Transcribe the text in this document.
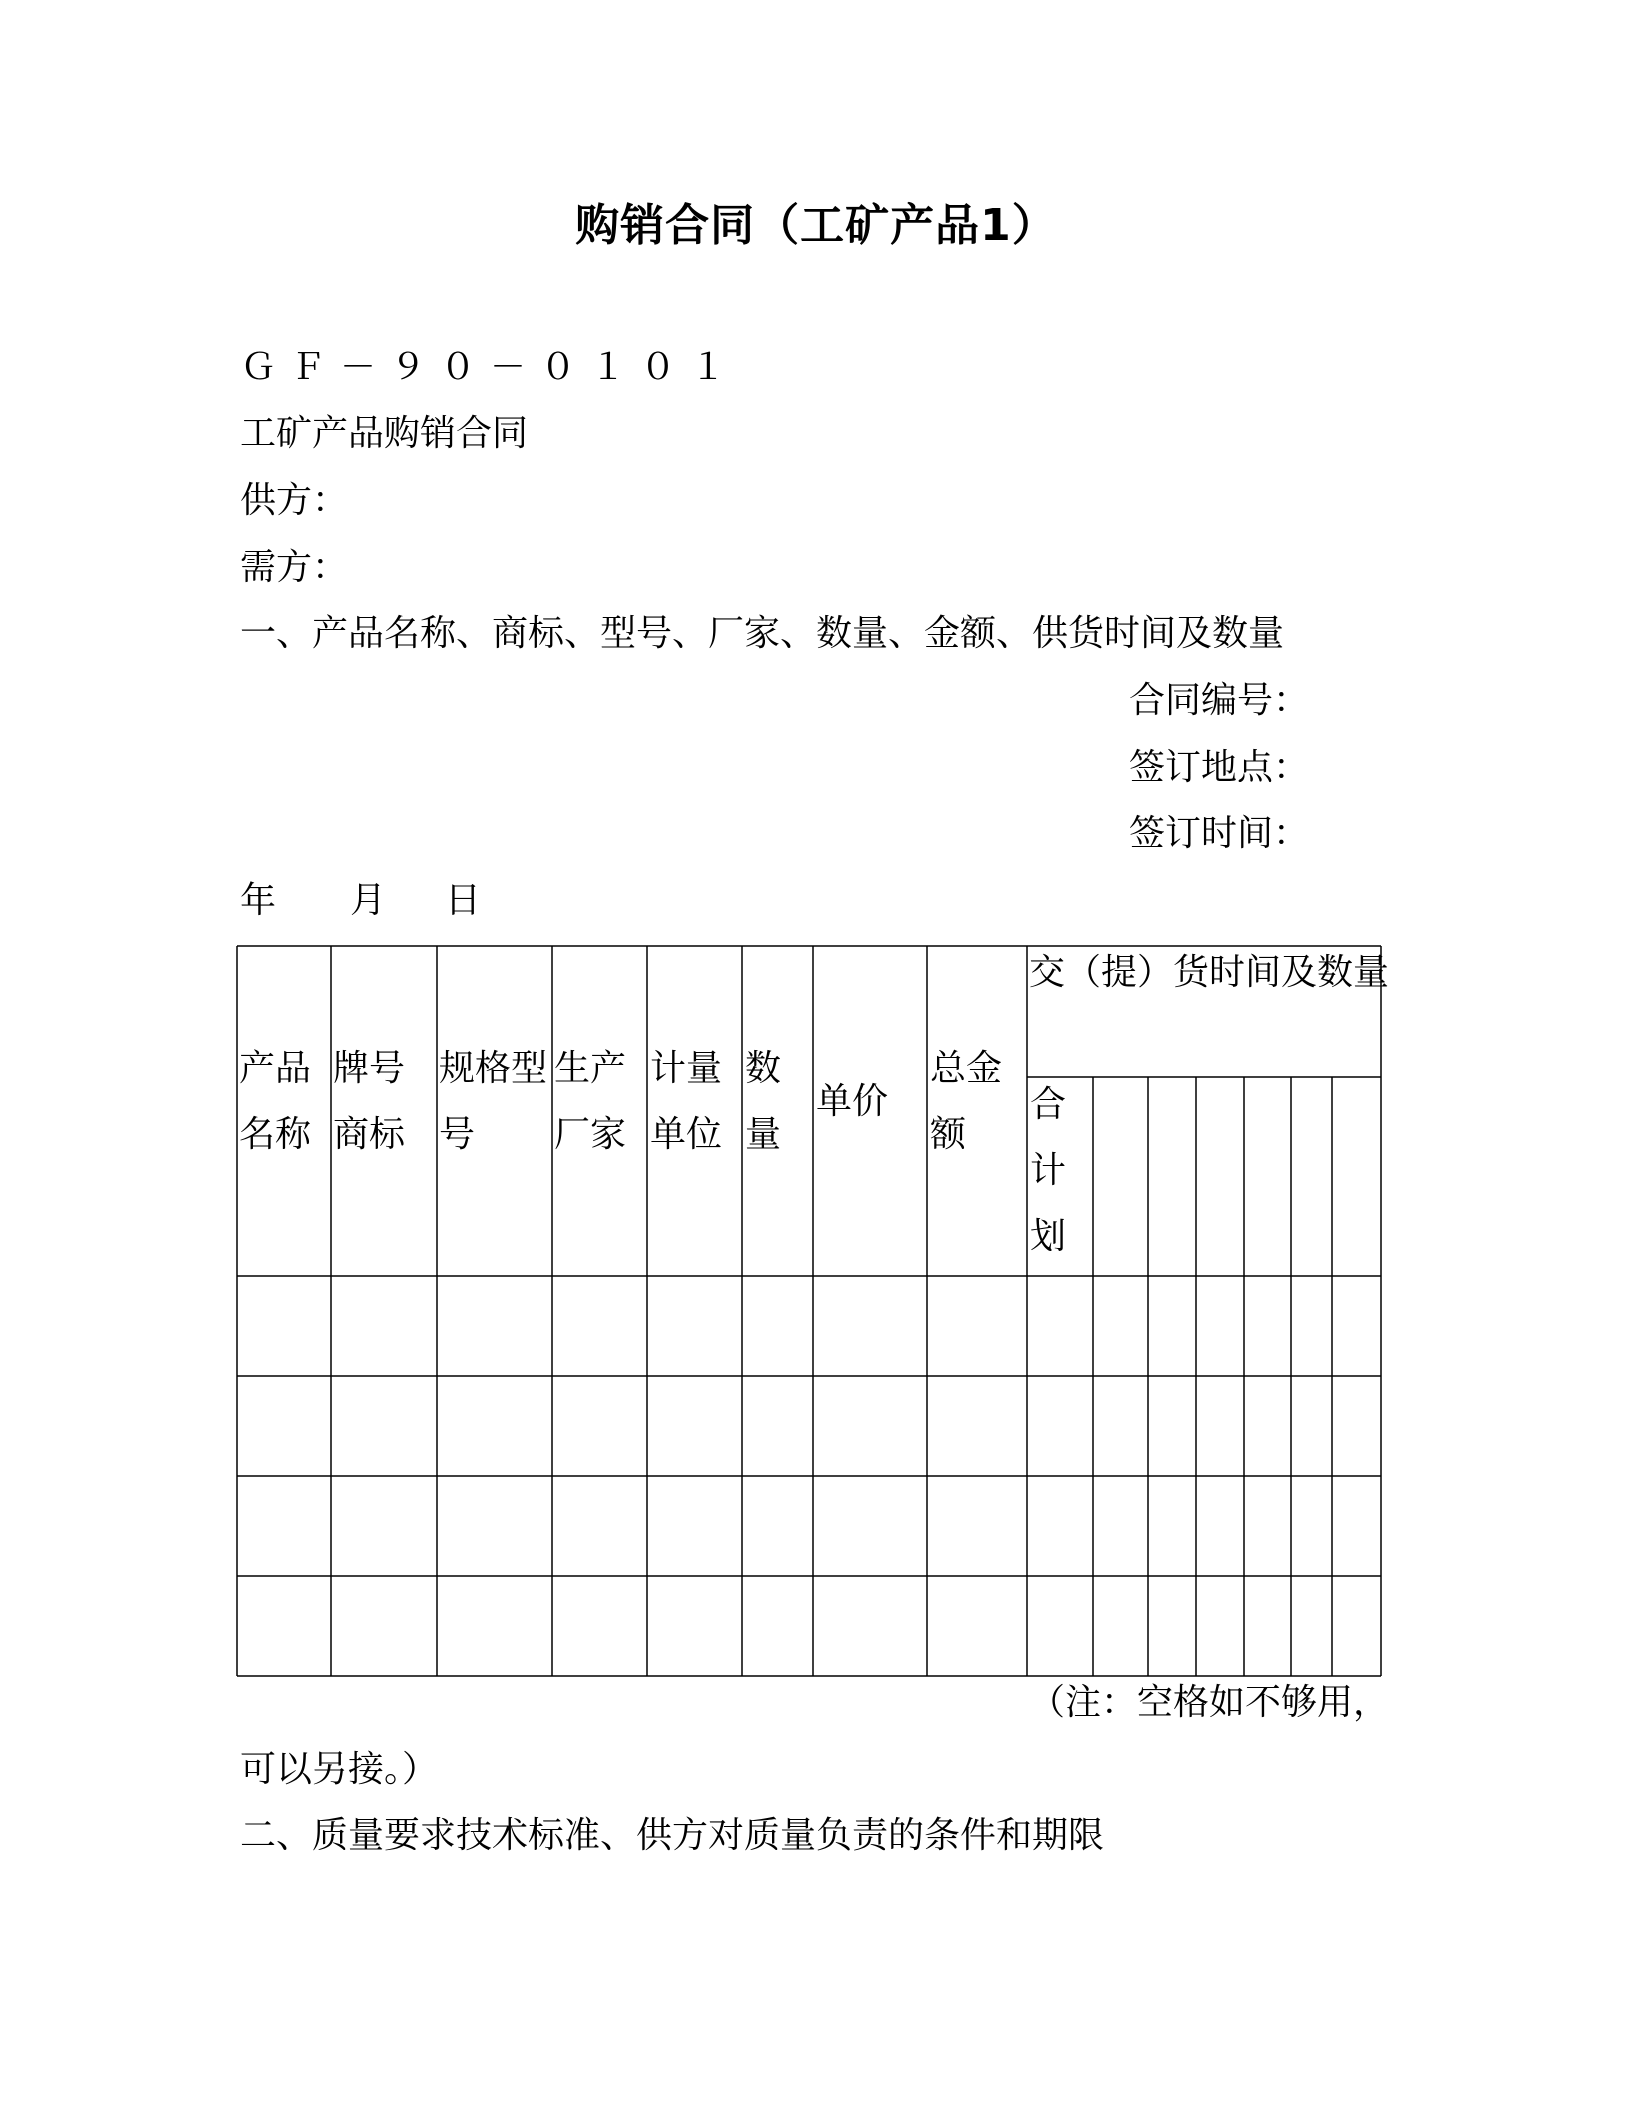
购销合同（工矿产品1）
ＧＦ－９０－０１０１
工矿产品购销合同
供方：
需方：
一、产品名称、商标、型号、厂家、数量、金额、供货时间及数量
合同编号：
签订地点：
签订时间：
年 月 日
产品
名称
牌号
商标
规格型
号
生产
厂家
计量
单位
数
量
单价
总金
额
交（提）货时间及数量
合
计
划
（注：空格如不够用，
可以另接。）
二、质量要求技术标准、供方对质量负责的条件和期限
